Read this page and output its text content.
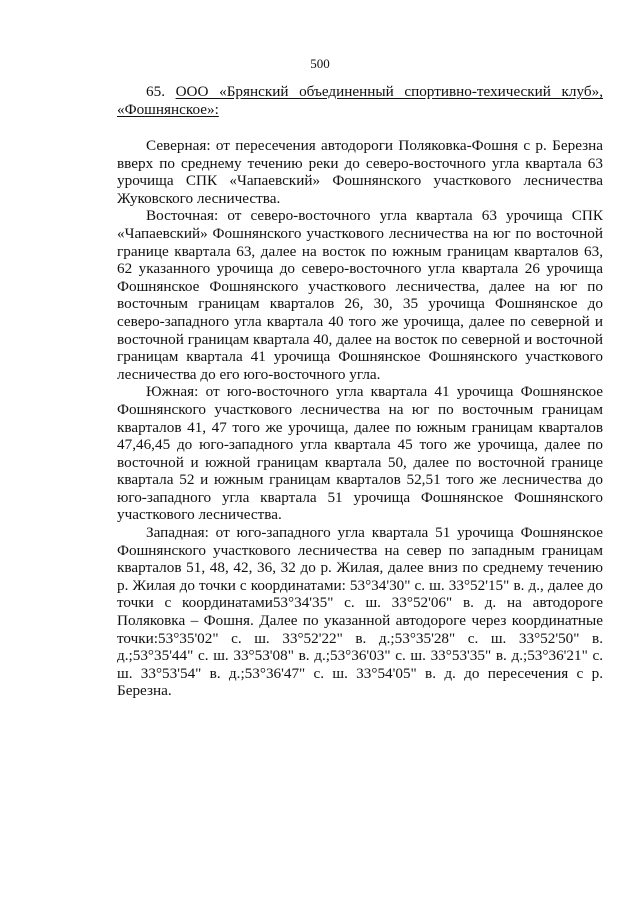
500
65. ООО «Брянский объединенный спортивно-техический клуб», «Фошнянское»:

Северная: от пересечения автодороги Поляковка-Фошня с р. Березна вверх по среднему течению реки до северо-восточного угла квартала 63 урочища СПК «Чапаевский» Фошнянского участкового лесничества Жуковского лесничества.

Восточная: от северо-восточного угла квартала 63 урочища СПК «Чапаевский» Фошнянского участкового лесничества на юг по восточной границе квартала 63, далее на восток по южным границам кварталов 63, 62 указанного урочища до северо-восточного угла квартала 26 урочища Фошнянское Фошнянского участкового лесничества, далее на юг по восточным границам кварталов 26, 30, 35 урочища Фошнянское до северо-западного угла квартала 40 того же урочища, далее по северной и восточной границам квартала 40, далее на восток по северной и восточной границам квартала 41 урочища Фошнянское Фошнянского участкового лесничества до его юго-восточного угла.

Южная: от юго-восточного угла квартала 41 урочища Фошнянское Фошнянского участкового лесничества на юг по восточным границам кварталов 41, 47 того же урочища, далее по южным границам кварталов 47,46,45 до юго-западного угла квартала 45 того же урочища, далее по восточной и южной границам квартала 50, далее по восточной границе квартала 52 и южным границам кварталов 52,51 того же лесничества до юго-западного угла квартала 51 урочища Фошнянское Фошнянского участкового лесничества.

Западная: от юго-западного угла квартала 51 урочища Фошнянское Фошнянского участкового лесничества на север по западным границам кварталов 51, 48, 42, 36, 32 до р. Жилая, далее вниз по среднему течению р. Жилая до точки с координатами: 53°34'30" с. ш. 33°52'15" в. д., далее до точки с координатами53°34'35" с. ш. 33°52'06" в. д. на автодороге Поляковка – Фошня. Далее по указанной автодороге через координатные точки:53°35'02" с. ш. 33°52'22" в. д.;53°35'28" с. ш. 33°52'50" в. д.;53°35'44" с. ш. 33°53'08" в. д.;53°36'03" с. ш. 33°53'35" в. д.;53°36'21" с. ш. 33°53'54" в. д.;53°36'47" с. ш. 33°54'05" в. д. до пересечения с р. Березна.
